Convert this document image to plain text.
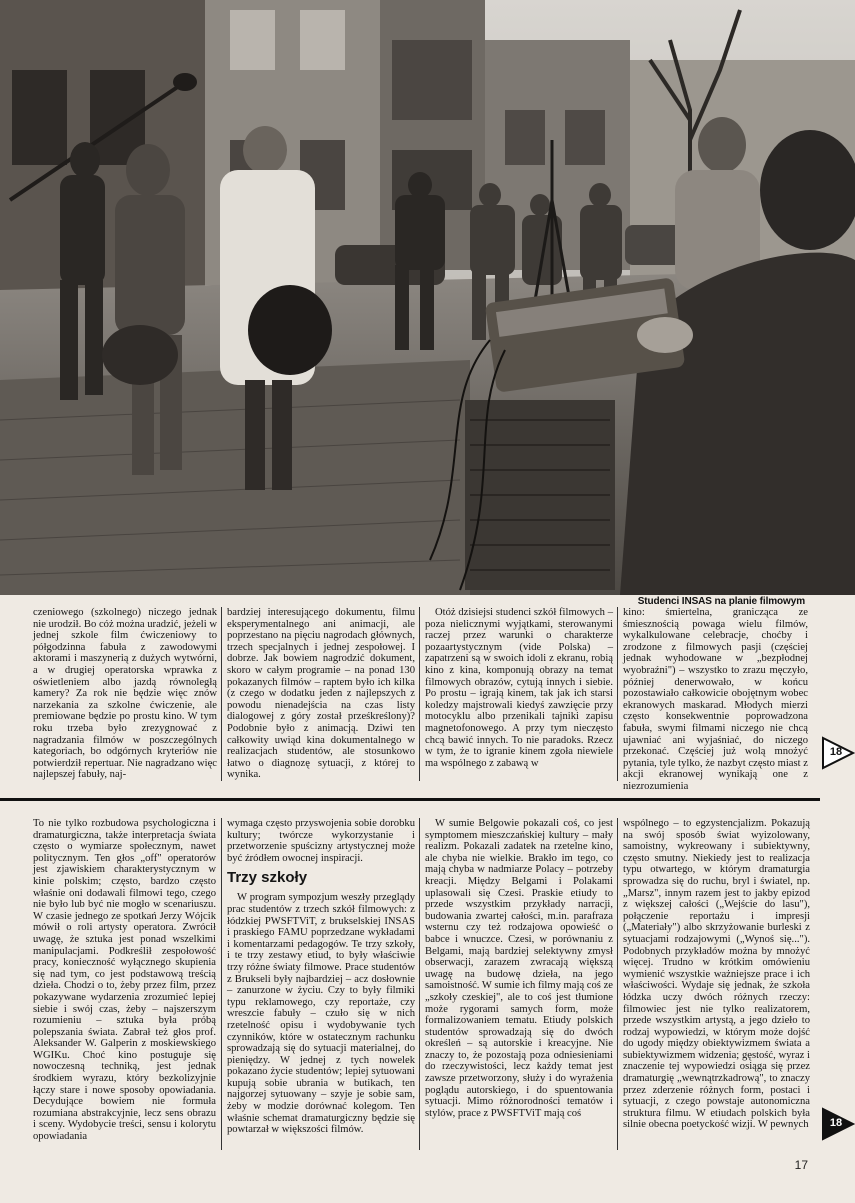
Studenci INSAS na planie filmowym

czeniowego (szkolnego) niczego jednak nie urodził. Bo cóż można uradzić, jeżeli w jednej szkole film ćwiczeniowy to półgodzinna fabuła z zawodowymi aktorami i maszynerią z dużych wytwórni, a w drugiej operatorska wprawka z oświetleniem albo jazdą równoległą kamery? Za rok nie będzie więc znów narzekania za szkolne ćwiczenie, ale premiowane będzie po prostu kino. W tym roku trzeba było zrezygnować z nagradzania filmów w poszczególnych kategoriach, bo odgórnych kryteriów nie potwierdził repertuar. Nie nagradzano więc najlepszej fabuły, naj-

bardziej interesującego dokumentu, filmu eksperymentalnego ani animacji, ale poprzestano na pięciu nagrodach głównych, trzech specjalnych i jednej zespołowej. I dobrze. Jak bowiem nagrodzić dokument, skoro w całym programie – na ponad 130 pokazanych filmów – raptem było ich kilka (z czego w dodatku jeden z najlepszych z powodu nienadejścia na czas listy dialogowej z góry został prześkreślony)? Podobnie było z animacją. Dziwi ten całkowity uwiąd kina dokumentalnego w realizacjach studentów, ale stosunkowo łatwo o diagnozę sytuacji, z której to wynika.

Otóż dzisiejsi studenci szkół filmowych – poza nielicznymi wyjątkami, sterowanymi raczej przez warunki o charakterze pozaartystycznym (vide Polska) – zapatrzeni są w swoich idoli z ekranu, robią kino z kina, komponują obrazy na temat filmowych obrazów, cytują innych i siebie. Po prostu – igrają kinem, tak jak ich starsi koledzy majstrowali kiedyś zawzięcie przy motocyklu albo przenikali tajniki zapisu magnetofonowego. A przy tym nieczęsto chcą bawić innych. To nie paradoks. Rzecz w tym, że to igranie kinem zgoła niewiele ma wspólnego z zabawą w

kino: śmiertelna, granicząca ze śmiesznością powaga wielu filmów, wykalkulowane celebracje, choćby i zrodzone z filmowych pasji (częściej jednak wyhodowane w „bezpłodnej wyobraźni") – wszystko to zrazu męczyło, później denerwowało, w końcu pozostawiało całkowicie obojętnym wobec ekranowych maskarad. Młodych mierzi często konsekwentnie poprowadzona fabuła, swymi filmami niczego nie chcą ujawniać ani wyjaśniać, do niczego przekonać. Częściej już wolą mnożyć pytania, tyle tylko, że nazbyt często miast z akcji ekranowej wynikają one z niezrozumienia

18

To nie tylko rozbudowa psychologiczna i dramaturgiczna, także interpretacja świata często o wymiarze społecznym, nawet politycznym. Ten głos „off" operatorów jest zjawiskiem charakterystycznym w kinie polskim; często, bardzo często właśnie oni dodawali filmowi tego, czego nie było lub być nie mogło w scenariuszu. W czasie jednego ze spotkań Jerzy Wójcik mówił o roli artysty operatora. Zwrócił uwagę, że sztuka jest ponad wszelkimi manipulacjami. Podkreślił zespołowość pracy, konieczność wyłącznego skupienia się nad tym, co jest podstawową treścią dzieła. Chodzi o to, żeby przez film, przez pokazywane wydarzenia zrozumieć lepiej siebie i swój czas, żeby – najszerszym rozumieniu – sztuka była próbą polepszania świata. Zabrał też głos prof. Aleksander W. Galperin z moskiewskiego WGIKu. Choć kino postuguje się nowoczesną techniką, jest jednak środkiem wyrazu, który bezkolizyjnie łączy stare i nowe sposoby opowiadania. Decydujące bowiem nie formuła rozumiana abstrakcyjnie, lecz sens obrazu i sceny. Wydobycie treści, sensu i kolorytu opowiadania

wymaga często przyswojenia sobie dorobku kultury; twórcze wykorzystanie i przetworzenie spuścizny artystycznej może być źródłem owocnej inspiracji.

Trzy szkoły

W program sympozjum weszły przeglądy prac studentów z trzech szkół filmowych: z łódzkiej PWSFTViT, z brukselskiej INSAS i praskiego FAMU poprzedzane wykładami i komentarzami pedagogów. Te trzy szkoły, i te trzy zestawy etiud, to były właściwie trzy różne światy filmowe. Prace studentów z Brukseli były najbardziej – acz dosłownie – zanurzone w życiu. Czy to były filmiki typu reklamowego, czy reportaże, czy wreszcie fabuły – czuło się w nich rzetelność opisu i wydobywanie tych czynników, które w ostatecznym rachunku sprowadzają się do sytuacji materialnej, do pieniędzy. W jednej z tych nowelek pokazano życie studentów; lepiej sytuowani kupują sobie ubrania w butikach, ten najgorzej sytuowany – szyje je sobie sam, żeby w modzie dorównać kolegom. Ten właśnie schemat dramaturgiczny będzie się powtarzał w większości filmów.

W sumie Belgowie pokazali coś, co jest symptomem mieszczańskiej kultury – mały realizm. Pokazali zadatek na rzetelne kino, ale chyba nie wielkie. Brakło im tego, co mają chyba w nadmiarze Polacy – potrzeby kreacji. Między Belgami i Polakami uplasowali się Czesi. Praskie etiudy to przede wszystkim przykłady narracji, budowania zwartej całości, m.in. parafraza wsternu czy też rodzajowa opowieść o babce i wnuczce. Czesi, w porównaniu z Belgami, mają bardziej selektywny zmysł obserwacji, zarazem zwracają większą uwagę na budowę dzieła, na jego samoistność. W sumie ich filmy mają coś ze „szkoły czeskiej", ale to coś jest tłumione może rygorami samych form, może formalizowaniem tematu. Etiudy polskich studentów sprowadzają się do dwóch określeń – są autorskie i kreacyjne. Nie znaczy to, że pozostają poza odniesieniami do rzeczywistości, lecz każdy temat jest zawsze przetworzony, służy i do wyrażenia poglądu autorskiego, i do spuentowania sytuacji. Mimo różnorodności tematów i stylów, prace z PWSFTViT mają coś

wspólnego – to egzystencjalizm. Pokazują na swój sposób świat wyizolowany, samoistny, wykreowany i subiektywny, często smutny. Niekiedy jest to realizacja typu otwartego, w którym dramaturgia sprowadza się do ruchu, bryl i światel, np. „Marsz", innym razem jest to jakby epizod z większej całości („Wejście do lasu"), połączenie reportażu i impresji („Materiały") albo skrzyżowanie burleski z sytuacjami rodzajowymi („Wynoś się..."). Podobnych przykładów można by mnożyć więcej. Trudno w krótkim omówieniu wymienić wszystkie ważniejsze prace i ich właściwości. Wydaje się jednak, że szkoła łódzka uczy dwóch różnych rzeczy: filmowiec jest nie tylko realizatorem, przede wszystkim artystą, a jego dzieło to rodzaj wypowiedzi, w którym może dojść do ugody między obiektywizmem świata a subiektywizmem widzenia; gęstość, wyraz i znaczenie tej wypowiedzi osiąga się przez dramaturgię „wewnątrzkadrową", to znaczy przez zderzenie różnych form, postaci i sytuacji, z czego powstaje autonomiczna struktura filmu. W etiudach polskich była silnie obecna poetyckość wizji. W pewnych	18
17
